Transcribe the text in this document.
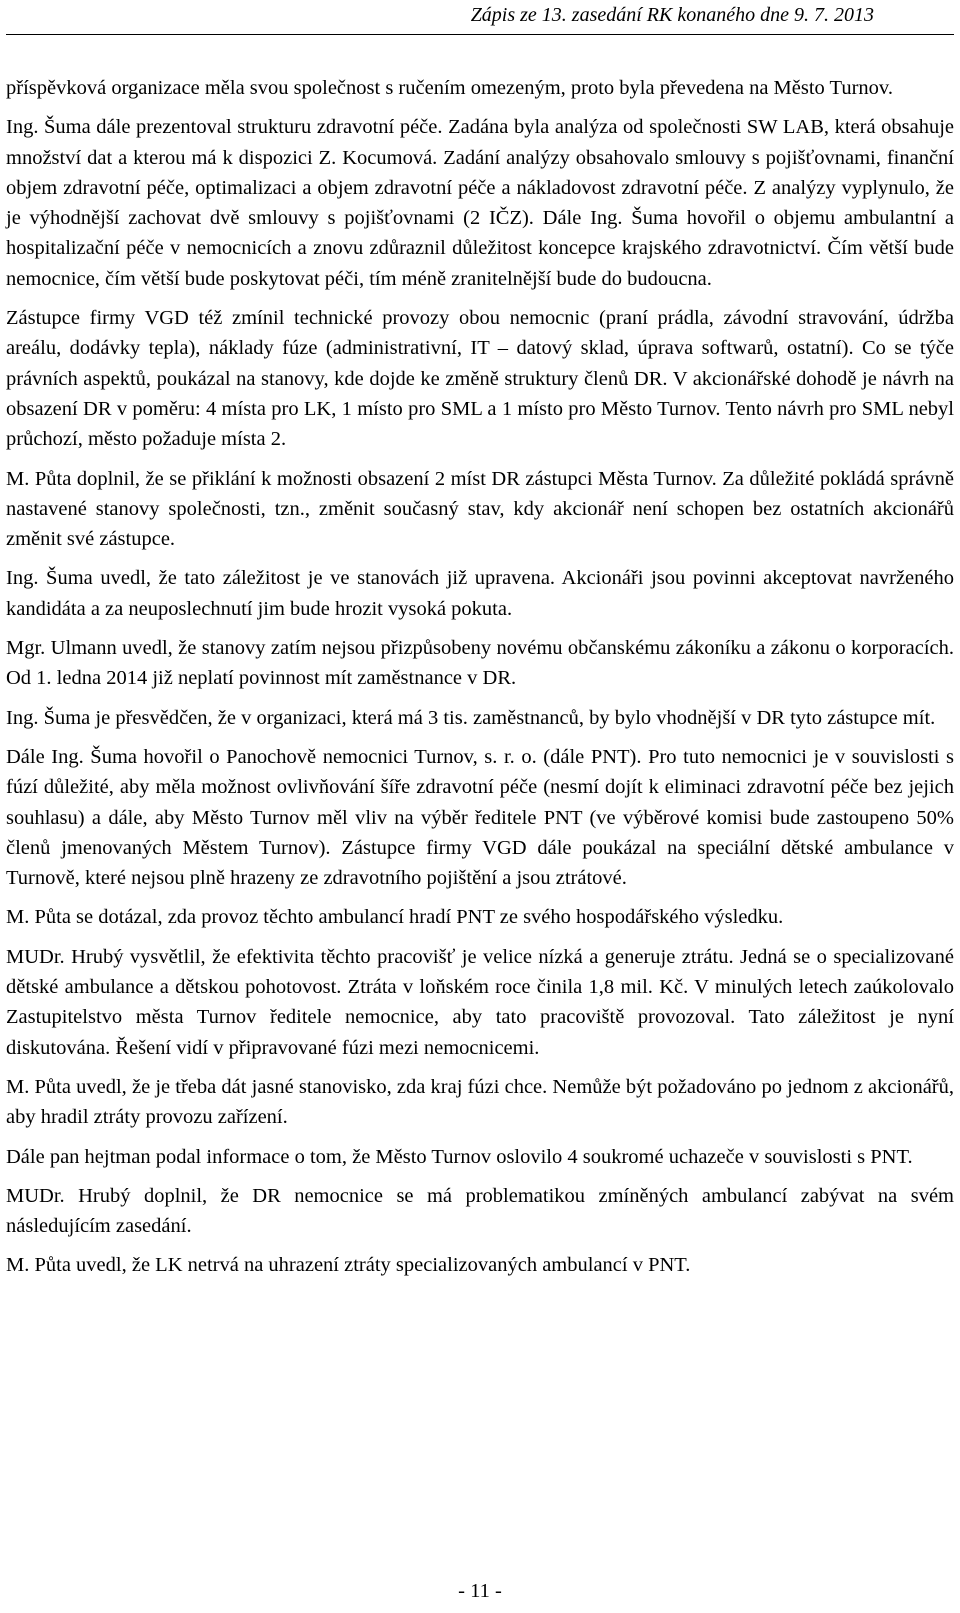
Zápis ze 13. zasedání RK konaného dne 9. 7. 2013

příspěvková organizace měla svou společnost s ručením omezeným, proto byla převedena na Město Turnov.

Ing. Šuma dále prezentoval strukturu zdravotní péče. Zadána byla analýza od společnosti SW LAB, která obsahuje množství dat a kterou má k dispozici Z. Kocumová. Zadání analýzy obsahovalo smlouvy s pojišťovnami, finanční objem zdravotní péče, optimalizaci a objem zdravotní péče a nákladovost zdravotní péče. Z analýzy vyplynulo, že je výhodnější zachovat dvě smlouvy s pojišťovnami (2 IČZ). Dále Ing. Šuma hovořil o objemu ambulantní a hospitalizační péče v nemocnicích a znovu zdůraznil důležitost koncepce krajského zdravotnictví. Čím větší bude nemocnice, čím větší bude poskytovat péči, tím méně zranitelnější bude do budoucna.

Zástupce firmy VGD též zmínil technické provozy obou nemocnic (praní prádla, závodní stravování, údržba areálu, dodávky tepla), náklady fúze (administrativní, IT – datový sklad, úprava softwarů, ostatní). Co se týče právních aspektů, poukázal na stanovy, kde dojde ke změně struktury členů DR. V akcionářské dohodě je návrh na obsazení DR v poměru: 4 místa pro LK, 1 místo pro SML a 1 místo pro Město Turnov. Tento návrh pro SML nebyl průchozí, město požaduje místa 2.

M. Půta doplnil, že se přiklání k možnosti obsazení 2 míst DR zástupci Města Turnov. Za důležité pokládá správně nastavené stanovy společnosti, tzn., změnit současný stav, kdy akcionář není schopen bez ostatních akcionářů změnit své zástupce.

Ing. Šuma uvedl, že tato záležitost je ve stanovách již upravena. Akcionáři jsou povinni akceptovat navrženého kandidáta a za neuposlechnutí jim bude hrozit vysoká pokuta.

Mgr. Ulmann uvedl, že stanovy zatím nejsou přizpůsobeny novému občanskému zákoníku a zákonu o korporacích. Od 1. ledna 2014 již neplatí povinnost mít zaměstnance v DR.

Ing. Šuma je přesvědčen, že v organizaci, která má 3 tis. zaměstnanců, by bylo vhodnější v DR tyto zástupce mít.

Dále Ing. Šuma hovořil o Panochově nemocnici Turnov, s. r. o. (dále PNT). Pro tuto nemocnici je v souvislosti s fúzí důležité, aby měla možnost ovlivňování šíře zdravotní péče (nesmí dojít k eliminaci zdravotní péče bez jejich souhlasu) a dále, aby Město Turnov měl vliv na výběr ředitele PNT (ve výběrové komisi bude zastoupeno 50% členů jmenovaných Městem Turnov). Zástupce firmy VGD dále poukázal na speciální dětské ambulance v Turnově, které nejsou plně hrazeny ze zdravotního pojištění a jsou ztrátové.

M. Půta se dotázal, zda provoz těchto ambulancí hradí PNT ze svého hospodářského výsledku.

MUDr. Hrubý vysvětlil, že efektivita těchto pracovišť je velice nízká a generuje ztrátu. Jedná se o specializované dětské ambulance a dětskou pohotovost. Ztráta v loňském roce činila 1,8 mil. Kč. V minulých letech zaúkolovalo Zastupitelstvo města Turnov ředitele nemocnice, aby tato pracoviště provozoval. Tato záležitost je nyní diskutována. Řešení vidí v připravované fúzi mezi nemocnicemi.

M. Půta uvedl, že je třeba dát jasné stanovisko, zda kraj fúzi chce. Nemůže být požadováno po jednom z akcionářů, aby hradil ztráty provozu zařízení.

Dále pan hejtman podal informace o tom, že Město Turnov oslovilo 4 soukromé uchazeče v souvislosti s PNT.

MUDr. Hrubý doplnil, že DR nemocnice se má problematikou zmíněných ambulancí zabývat na svém následujícím zasedání.

M. Půta uvedl, že LK netrvá na uhrazení ztráty specializovaných ambulancí v PNT.

- 11 -
